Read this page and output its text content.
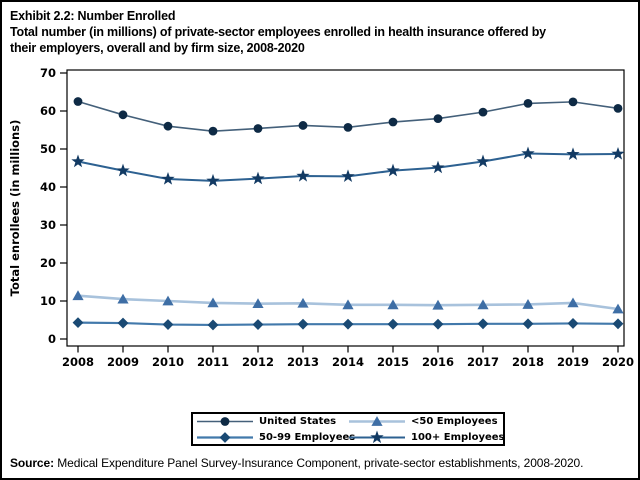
Exhibit 2.2: Number Enrolled
Total number (in millions) of private-sector employees enrolled in health insurance offered by
their employers, overall and by firm size, 2008-2020
0
10
20
30
40
50
60
70
2008 2009 2010 2011 2012 2013 2014 2015 2016 2017 2018 2019 2020
Total enrollees (in millions)
United States	<50 Employees
50-99 Employees	100+ Employees
Source: Medical Expenditure Panel Survey-Insurance Component, private-sector establishments, 2008-2020.
